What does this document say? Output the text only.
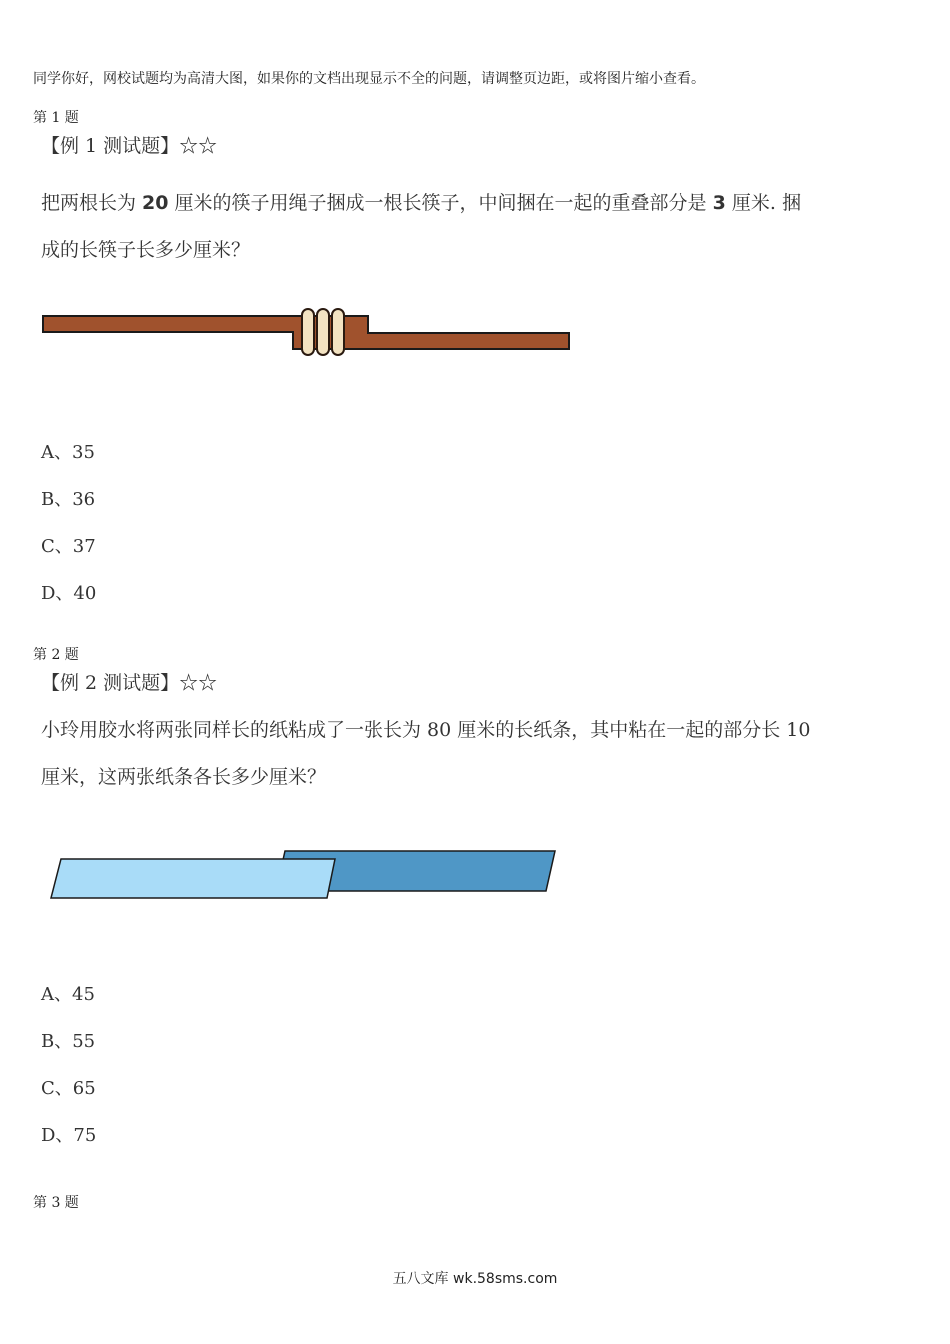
同学你好，网校试题均为高清大图，如果你的文档出现显示不全的问题，请调整页边距，或将图片缩小查看。
第 1 题
【例 1 测试题】☆☆
把两根长为 20 厘米的筷子用绳子捆成一根长筷子，中间捆在一起的重叠部分是 3 厘米. 捆
成的长筷子长多少厘米？
A、35
B、36
C、37
D、40
第 2 题
【例 2 测试题】☆☆
小玲用胶水将两张同样长的纸粘成了一张长为 80 厘米的长纸条，其中粘在一起的部分长 10
厘米，这两张纸条各长多少厘米？
A、45
B、55
C、65
D、75
第 3 题
五八文库 wk.58sms.com
